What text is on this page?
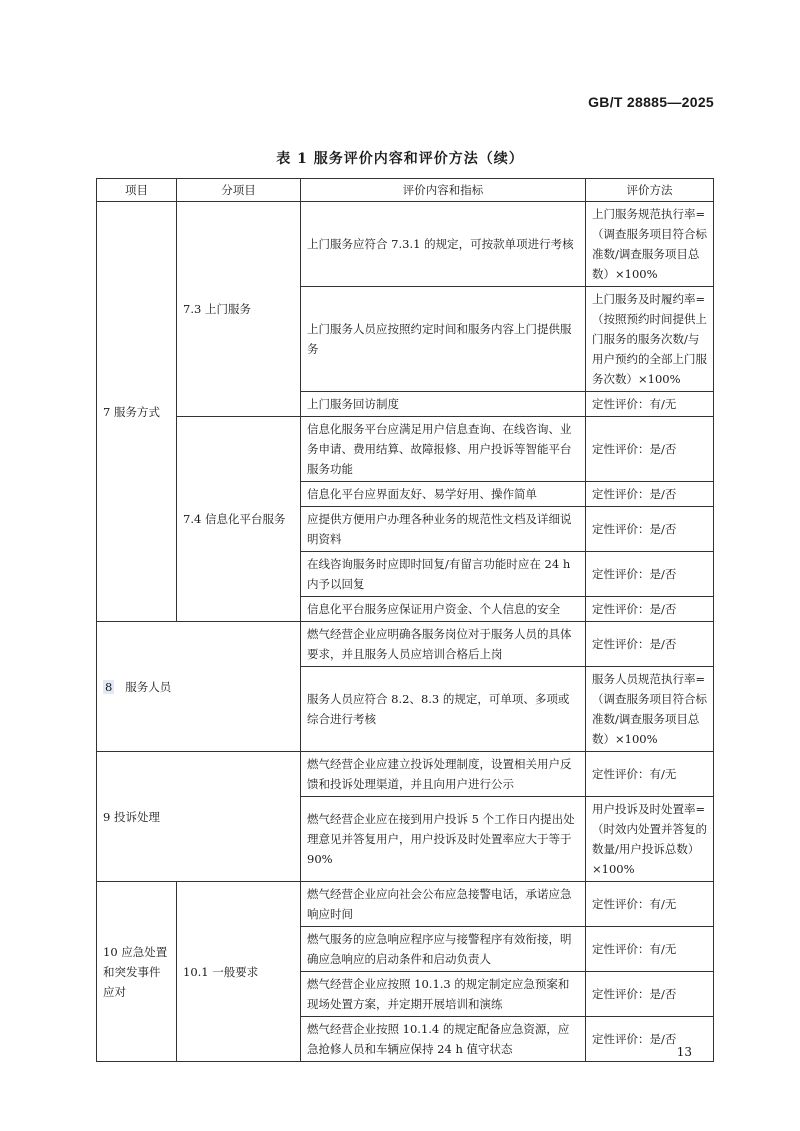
GB/T 28885—2025
表 1 服务评价内容和评价方法（续）
项目	分项目	评价内容和指标	评价方法
7 服务方式	7.3 上门服务	上门服务应符合 7.3.1 的规定，可按款单项进行考核	上门服务规范执行率=（调查服务项目符合标准数/调查服务项目总数）×100%
		上门服务人员应按照约定时间和服务内容上门提供服务	上门服务及时履约率=（按照预约时间提供上门服务的服务次数/与用户预约的全部上门服务次数）×100%
		上门服务回访制度	定性评价：有/无
	7.4 信息化平台服务	信息化服务平台应满足用户信息查询、在线咨询、业务申请、费用结算、故障报修、用户投诉等智能平台服务功能	定性评价：是/否
		信息化平台应界面友好、易学好用、操作简单	定性评价：是/否
		应提供方便用户办理各种业务的规范性文档及详细说明资料	定性评价：是/否
		在线咨询服务时应即时回复/有留言功能时应在 24 h 内予以回复	定性评价：是/否
		信息化平台服务应保证用户资金、个人信息的安全	定性评价：是/否
8 服务人员		燃气经营企业应明确各服务岗位对于服务人员的具体要求，并且服务人员应培训合格后上岗	定性评价：是/否
		服务人员应符合 8.2、8.3 的规定，可单项、多项或综合进行考核	服务人员规范执行率=（调查服务项目符合标准数/调查服务项目总数）×100%
9 投诉处理		燃气经营企业应建立投诉处理制度，设置相关用户反馈和投诉处理渠道，并且向用户进行公示	定性评价：有/无
		燃气经营企业应在接到用户投诉 5 个工作日内提出处理意见并答复用户，用户投诉及时处置率应大于等于 90%	用户投诉及时处置率=（时效内处置并答复的数量/用户投诉总数）×100%
10 应急处置和突发事件应对	10.1 一般要求	燃气经营企业应向社会公布应急接警电话，承诺应急响应时间	定性评价：有/无
		燃气服务的应急响应程序应与接警程序有效衔接，明确应急响应的启动条件和启动负责人	定性评价：有/无
		燃气经营企业应按照 10.1.3 的规定制定应急预案和现场处置方案，并定期开展培训和演练	定性评价：是/否
		燃气经营企业按照 10.1.4 的规定配备应急资源，应急抢修人员和车辆应保持 24 h 值守状态	定性评价：是/否
13
